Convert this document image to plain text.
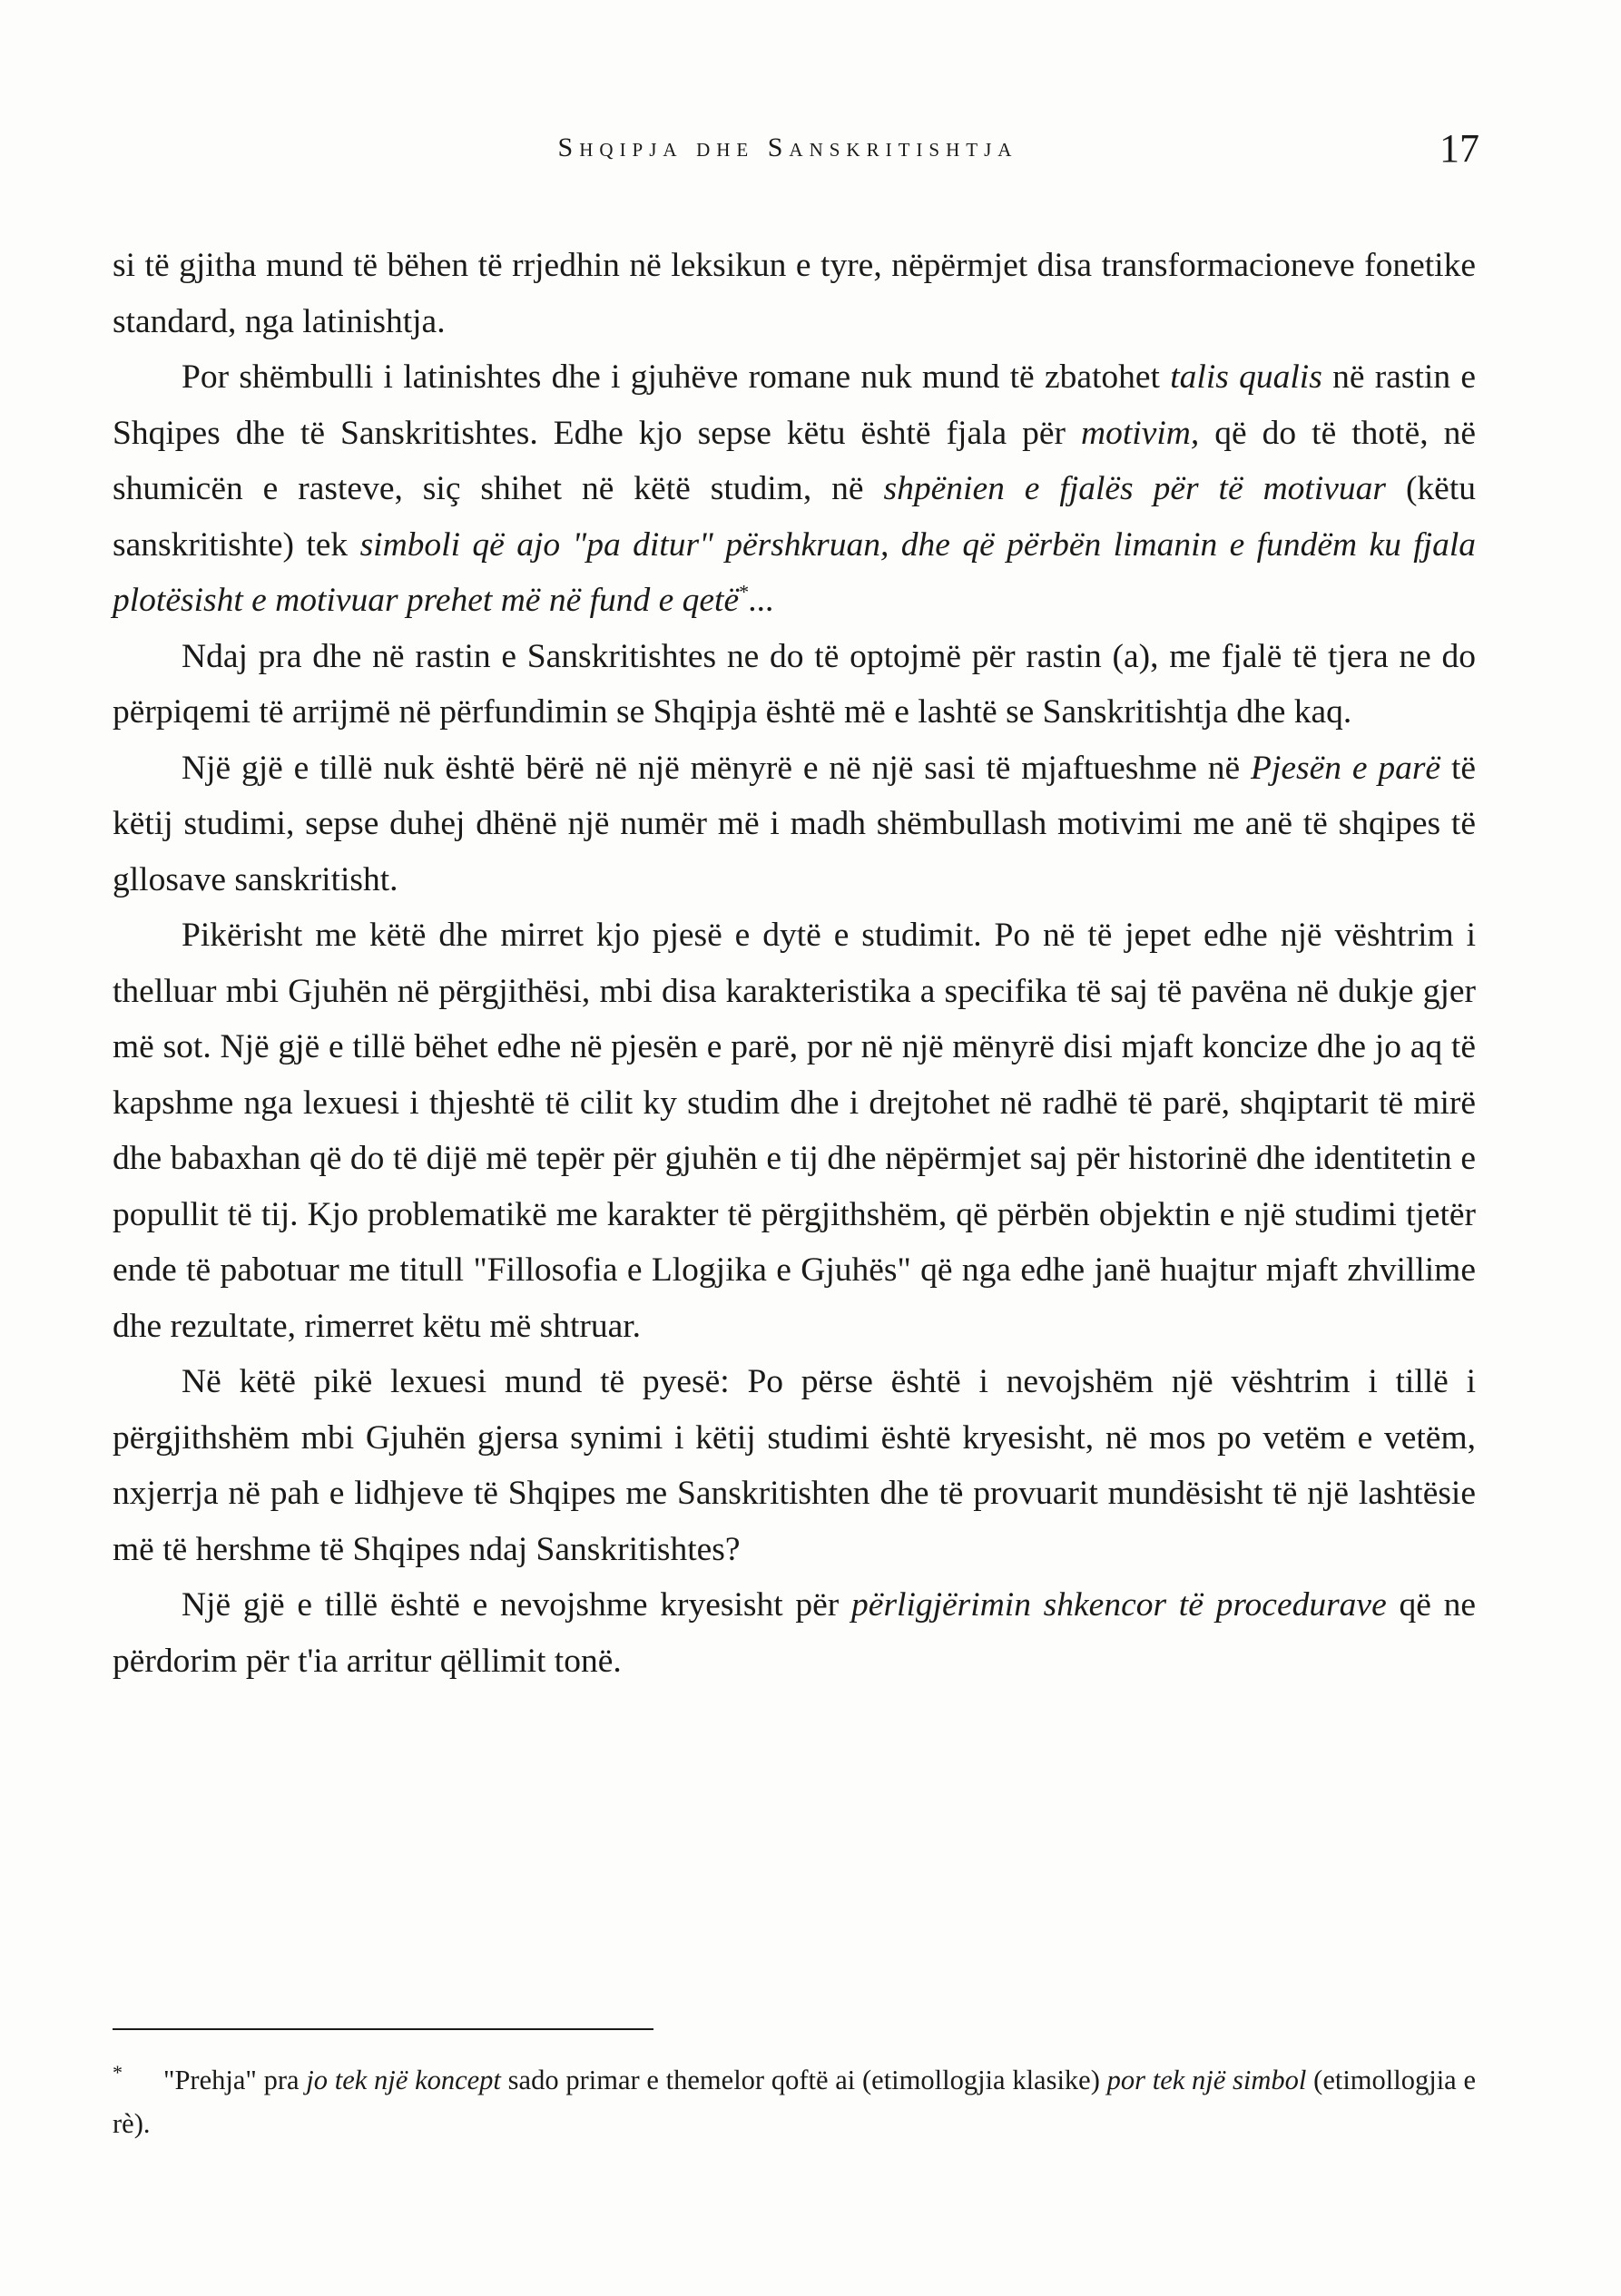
Shqipja dhe Sanskritishtja	17

si të gjitha mund të bëhen të rrjedhin në leksikun e tyre, nëpërmjet disa transformacioneve fonetike standard, nga latinishtja.

Por shëmbulli i latinishtes dhe i gjuhëve romane nuk mund të zbatohet talis qualis në rastin e Shqipes dhe të Sanskritishtes. Edhe kjo sepse këtu është fjala për motivim, që do të thotë, në shumicën e rasteve, siç shihet në këtë studim, në shpënien e fjalës për të motivuar (këtu sanskritishte) tek simboli që ajo "pa ditur" përshkruan, dhe që përbën limanin e fundëm ku fjala plotësisht e motivuar prehet më në fund e qetë*...

Ndaj pra dhe në rastin e Sanskritishtes ne do të optojmë për rastin (a), me fjalë të tjera ne do përpiqemi të arrijmë në përfundimin se Shqipja është më e lashtë se Sanskritishtja dhe kaq.

Një gjë e tillë nuk është bërë në një mënyrë e në një sasi të mjaftueshme në Pjesën e parë të këtij studimi, sepse duhej dhënë një numër më i madh shëmbullash motivimi me anë të shqipes të gllosave sanskritisht.

Pikërisht me këtë dhe mirret kjo pjesë e dytë e studimit. Po në të jepet edhe një vështrim i thelluar mbi Gjuhën në përgjithësi, mbi disa karakteristika a specifika të saj të pavëna në dukje gjer më sot. Një gjë e tillë bëhet edhe në pjesën e parë, por në një mënyrë disi mjaft koncize dhe jo aq të kapshme nga lexuesi i thjeshtë të cilit ky studim dhe i drejtohet në radhë të parë, shqiptarit të mirë dhe babaxhan që do të dijë më tepër për gjuhën e tij dhe nëpërmjet saj për historinë dhe identitetin e popullit të tij. Kjo problematikë me karakter të përgjithshëm, që përbën objektin e një studimi tjetër ende të pabotuar me titull "Fillosofia e Llogjika e Gjuhës" që nga edhe janë huajtur mjaft zhvillime dhe rezultate, rimerret këtu më shtruar.

Në këtë pikë lexuesi mund të pyesë: Po përse është i nevojshëm një vështrim i tillë i përgjithshëm mbi Gjuhën gjersa synimi i këtij studimi është kryesisht, në mos po vetëm e vetëm, nxjerrja në pah e lidhjeve të Shqipes me Sanskritishten dhe të provuarit mundësisht të një lashtësie më të hershme të Shqipes ndaj Sanskritishtes?

Një gjë e tillë është e nevojshme kryesisht për përligjërimin shkencor të procedurave që ne përdorim për t'ia arritur qëllimit tonë.

* "Prehja" pra jo tek një koncept sado primar e themelor qoftë ai (etimollogjia klasike) por tek një simbol (etimollogjia e rè).
